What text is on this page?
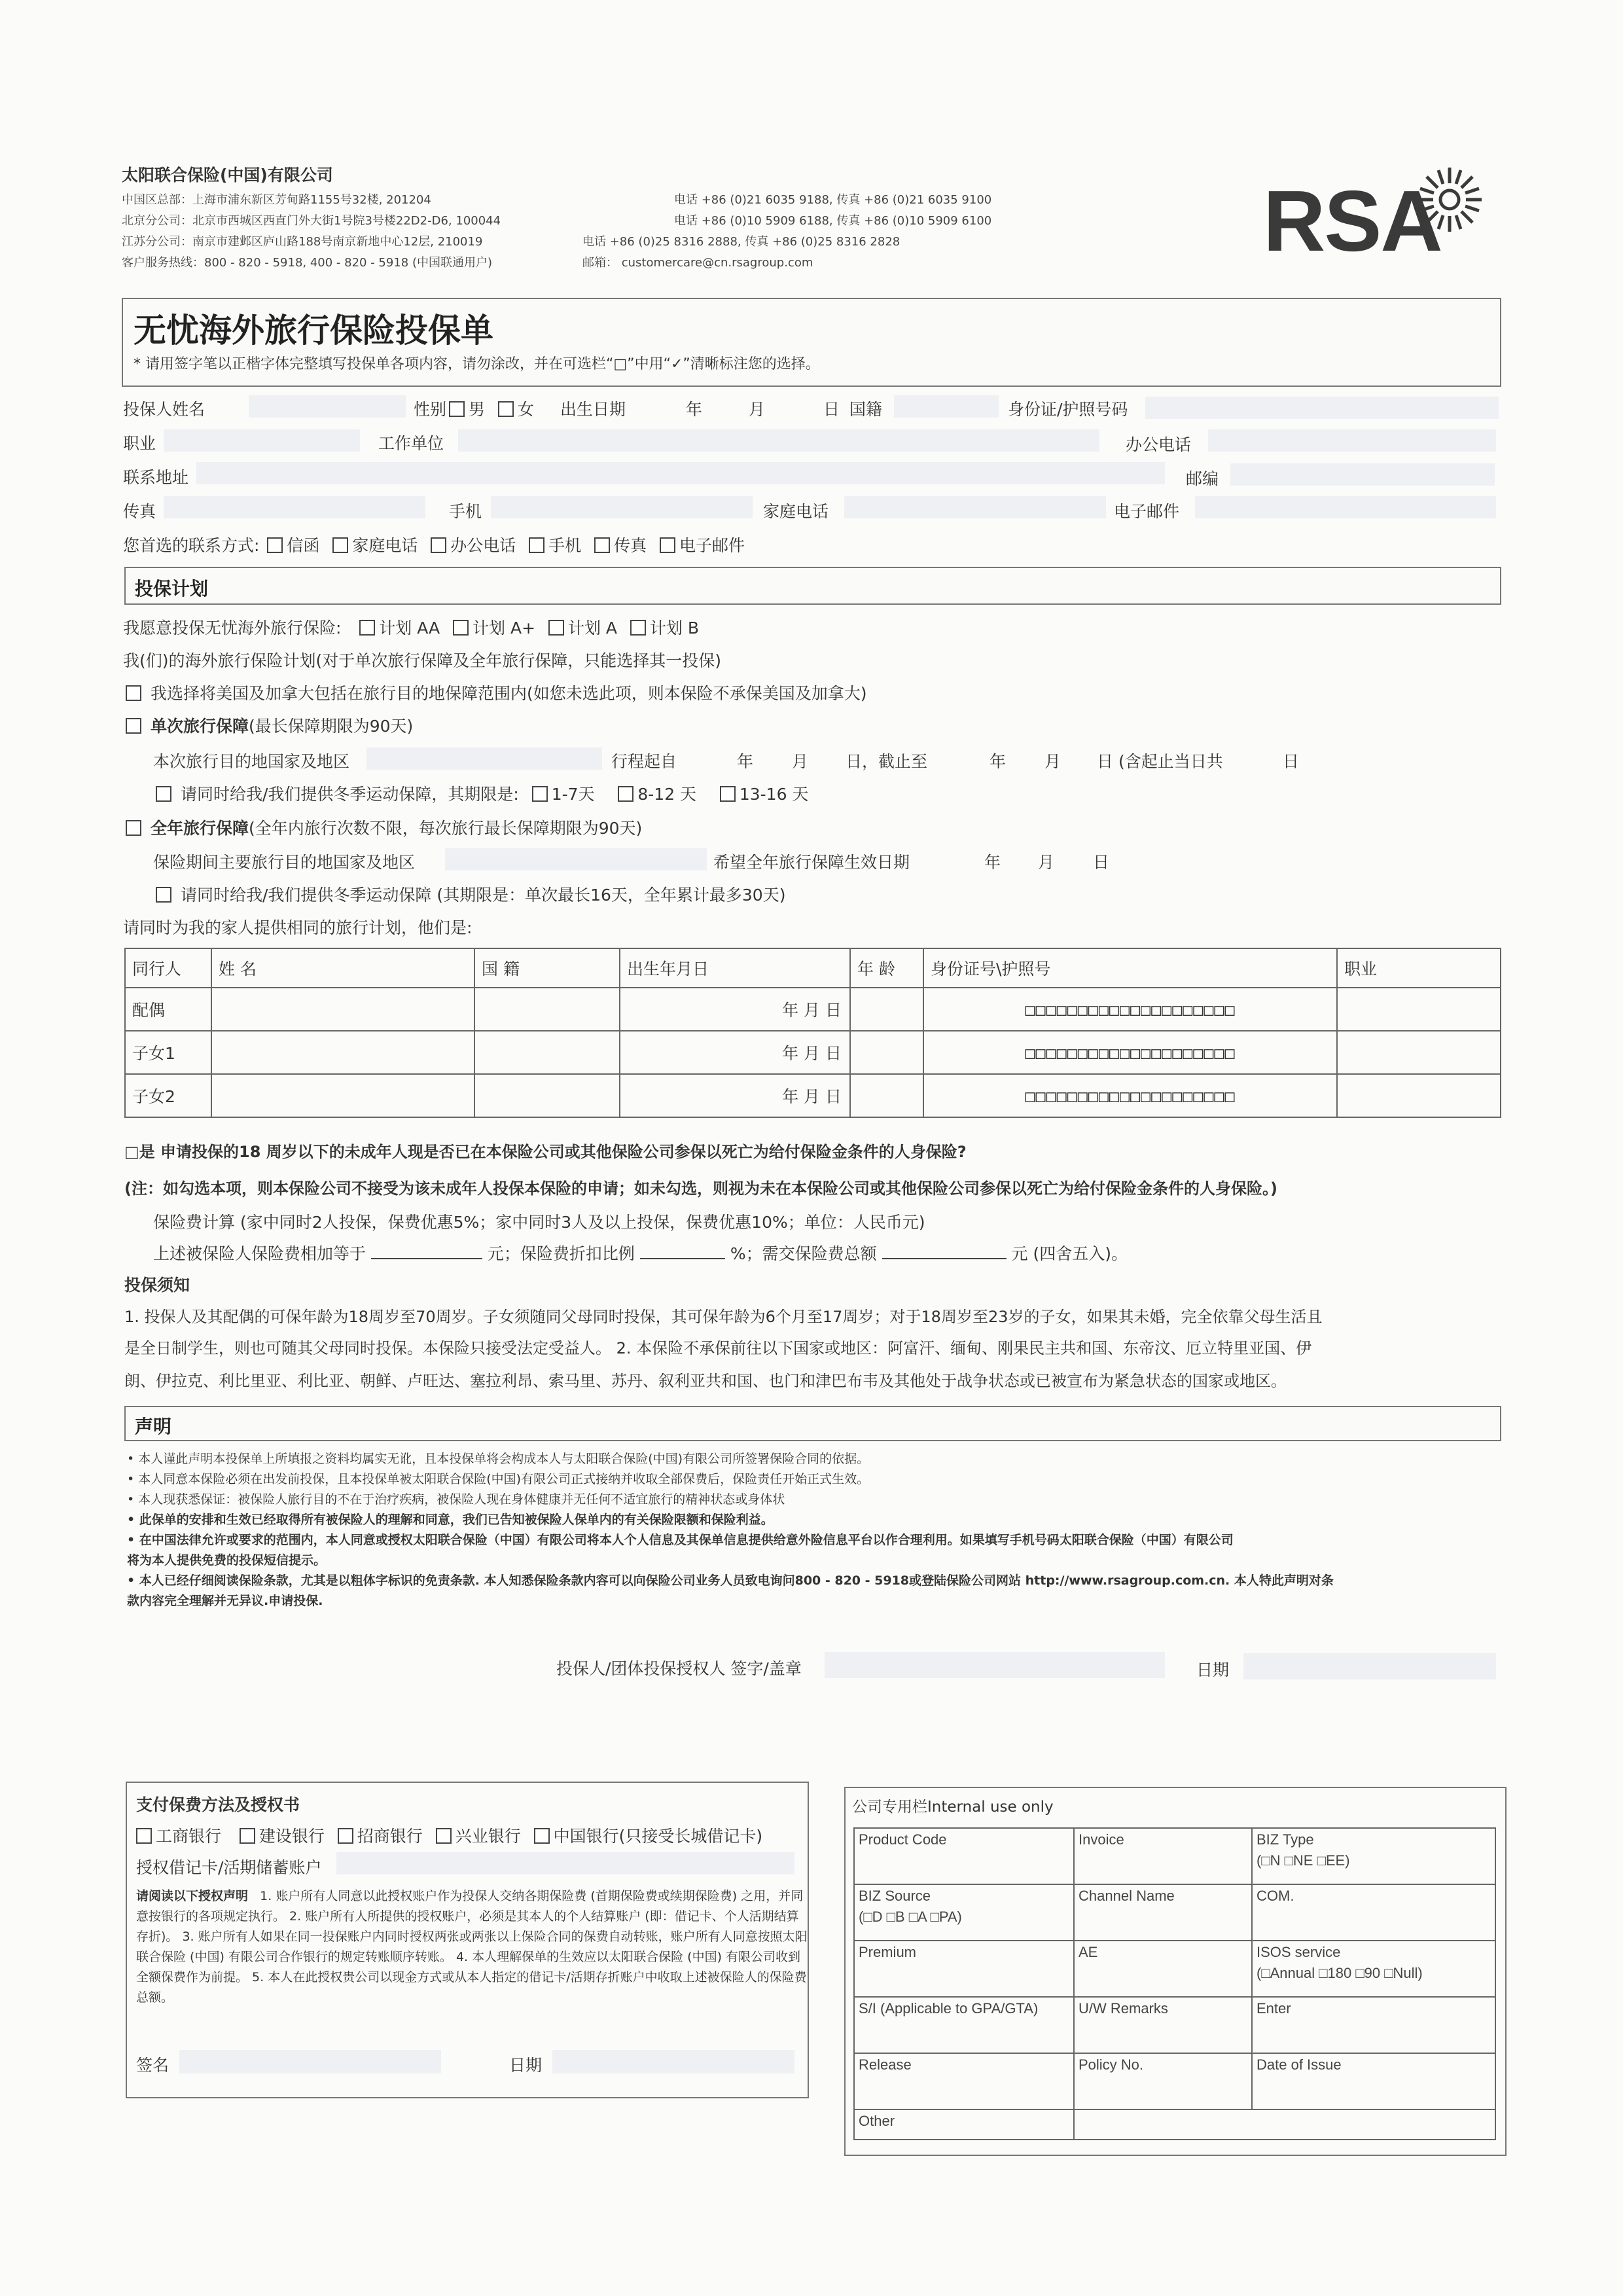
太阳联合保险(中国)有限公司
中国区总部：上海市浦东新区芳甸路1155号32楼, 201204
北京分公司：北京市西城区西直门外大街1号院3号楼22D2-D6, 100044
江苏分公司：南京市建邺区庐山路188号南京新地中心12层, 210019
客户服务热线：800 - 820 - 5918, 400 - 820 - 5918 (中国联通用户)
电话 +86 (0)21 6035 9188, 传真 +86 (0)21 6035 9100
电话 +86 (0)10 5909 6188, 传真 +86 (0)10 5909 6100
电话 +86 (0)25 8316 2888, 传真 +86 (0)25 8316 2828
邮箱： customercare@cn.rsagroup.com	RSA
无忧海外旅行保险投保单
* 请用签字笔以正楷字体完整填写投保单各项内容，请勿涂改，并在可选栏“□”中用“✓”清晰标注您的选择。
投保人姓名	性别 男 女 出生日期	年	月	日 国籍	身份证/护照号码
职业	工作单位	办公电话
联系地址	邮编
传真	手机	家庭电话	电子邮件
您首选的联系方式: 信函 家庭电话 办公电话 手机 传真 电子邮件
投保计划
我愿意投保无忧海外旅行保险: 计划 AA 计划 A+ 计划 A 计划 B
我(们)的海外旅行保险计划(对于单次旅行保障及全年旅行保障，只能选择其一投保)
我选择将美国及加拿大包括在旅行目的地保障范围内(如您未选此项，则本保险不承保美国及加拿大)
单次旅行保障(最长保障期限为90天)
本次旅行目的地国家及地区	行程起自	年 月 日，截止至	年 月 日 (含起止当日共	日
请同时给我/我们提供冬季运动保障，其期限是: 1-7天	8-12 天	13-16 天
全年旅行保障(全年内旅行次数不限，每次旅行最长保障期限为90天)
保险期间主要旅行目的地国家及地区	希望全年旅行保障生效日期	年 月 日
请同时给我/我们提供冬季运动保障 (其期限是：单次最长16天，全年累计最多30天)
请同时为我的家人提供相同的旅行计划，他们是:
同行人	姓 名	国 籍	出生年月日	年 龄	身份证号\护照号	职业
配偶			年 月 日		□□□□□□□□□□□□□□□□□□□□	
子女1			年 月 日		□□□□□□□□□□□□□□□□□□□□	
子女2			年 月 日		□□□□□□□□□□□□□□□□□□□□	
□是 申请投保的18 周岁以下的未成年人现是否已在本保险公司或其他保险公司参保以死亡为给付保险金条件的人身保险?
(注：如勾选本项，则本保险公司不接受为该未成年人投保本保险的申请；如未勾选，则视为未在本保险公司或其他保险公司参保以死亡为给付保险金条件的人身保险。)
保险费计算 (家中同时2人投保，保费优惠5%；家中同时3人及以上投保，保费优惠10%；单位：人民币元)
上述被保险人保险费相加等于	元；保险费折扣比例	%；需交保险费总额	元 (四舍五入)。
投保须知
1. 投保人及其配偶的可保年龄为18周岁至70周岁。子女须随同父母同时投保，其可保年龄为6个月至17周岁；对于18周岁至23岁的子女，如果其未婚，完全依靠父母生活且
是全日制学生，则也可随其父母同时投保。本保险只接受法定受益人。 2. 本保险不承保前往以下国家或地区：阿富汗、缅甸、刚果民主共和国、东帝汶、厄立特里亚国、伊
朗、伊拉克、利比里亚、利比亚、朝鲜、卢旺达、塞拉利昂、索马里、苏丹、叙利亚共和国、也门和津巴布韦及其他处于战争状态或已被宣布为紧急状态的国家或地区。
声明
• 本人谨此声明本投保单上所填报之资料均属实无讹，且本投保单将会构成本人与太阳联合保险(中国)有限公司所签署保险合同的依据。
• 本人同意本保险必须在出发前投保，且本投保单被太阳联合保险(中国)有限公司正式接纳并收取全部保费后，保险责任开始正式生效。
• 本人现获悉保证：被保险人旅行目的不在于治疗疾病，被保险人现在身体健康并无任何不适宜旅行的精神状态或身体状
• 此保单的安排和生效已经取得所有被保险人的理解和同意，我们已告知被保险人保单内的有关保险限额和保险利益。
• 在中国法律允许或要求的范围内，本人同意或授权太阳联合保险（中国）有限公司将本人个人信息及其保单信息提供给意外险信息平台以作合理利用。如果填写手机号码太阳联合保险（中国）有限公司
将为本人提供免费的投保短信提示。
• 本人已经仔细阅读保险条款，尤其是以粗体字标识的免责条款. 本人知悉保险条款内容可以向保险公司业务人员致电询问800 - 820 - 5918或登陆保险公司网站 http://www.rsagroup.com.cn. 本人特此声明对条
款内容完全理解并无异议.申请投保.
投保人/团体投保授权人 签字/盖章	日期
支付保费方法及授权书
工商银行 建设银行 招商银行 兴业银行 中国银行(只接受长城借记卡)
授权借记卡/活期储蓄账户
请阅读以下授权声明 1. 账户所有人同意以此授权账户作为投保人交纳各期保险费 (首期保险费或续期保险费) 之用，并同意按银行的各项规定执行。 2. 账户所有人所提供的授权账户，必须是其本人的个人结算账户 (即：借记卡、个人活期结算存折)。 3. 账户所有人如果在同一投保账户内同时授权两张或两张以上保险合同的保费自动转账，账户所有人同意按照太阳联合保险 (中国) 有限公司合作银行的规定转账顺序转账。 4. 本人理解保单的生效应以太阳联合保险 (中国) 有限公司收到全额保费作为前提。 5. 本人在此授权贵公司以现金方式或从本人指定的借记卡/活期存折账户中收取上述被保险人的保险费总额。
签名	日期
公司专用栏Internal use only
Product Code	Invoice	BIZ Type
(□N □NE □EE)

BIZ Source
(□D □B □A □PA)	Channel Name	COM.
Premium	AE	ISOS service
(□Annual □180 □90 □Null)

S/I (Applicable to GPA/GTA)	U/W Remarks	Enter
Release	Policy No.	Date of Issue
Other		
